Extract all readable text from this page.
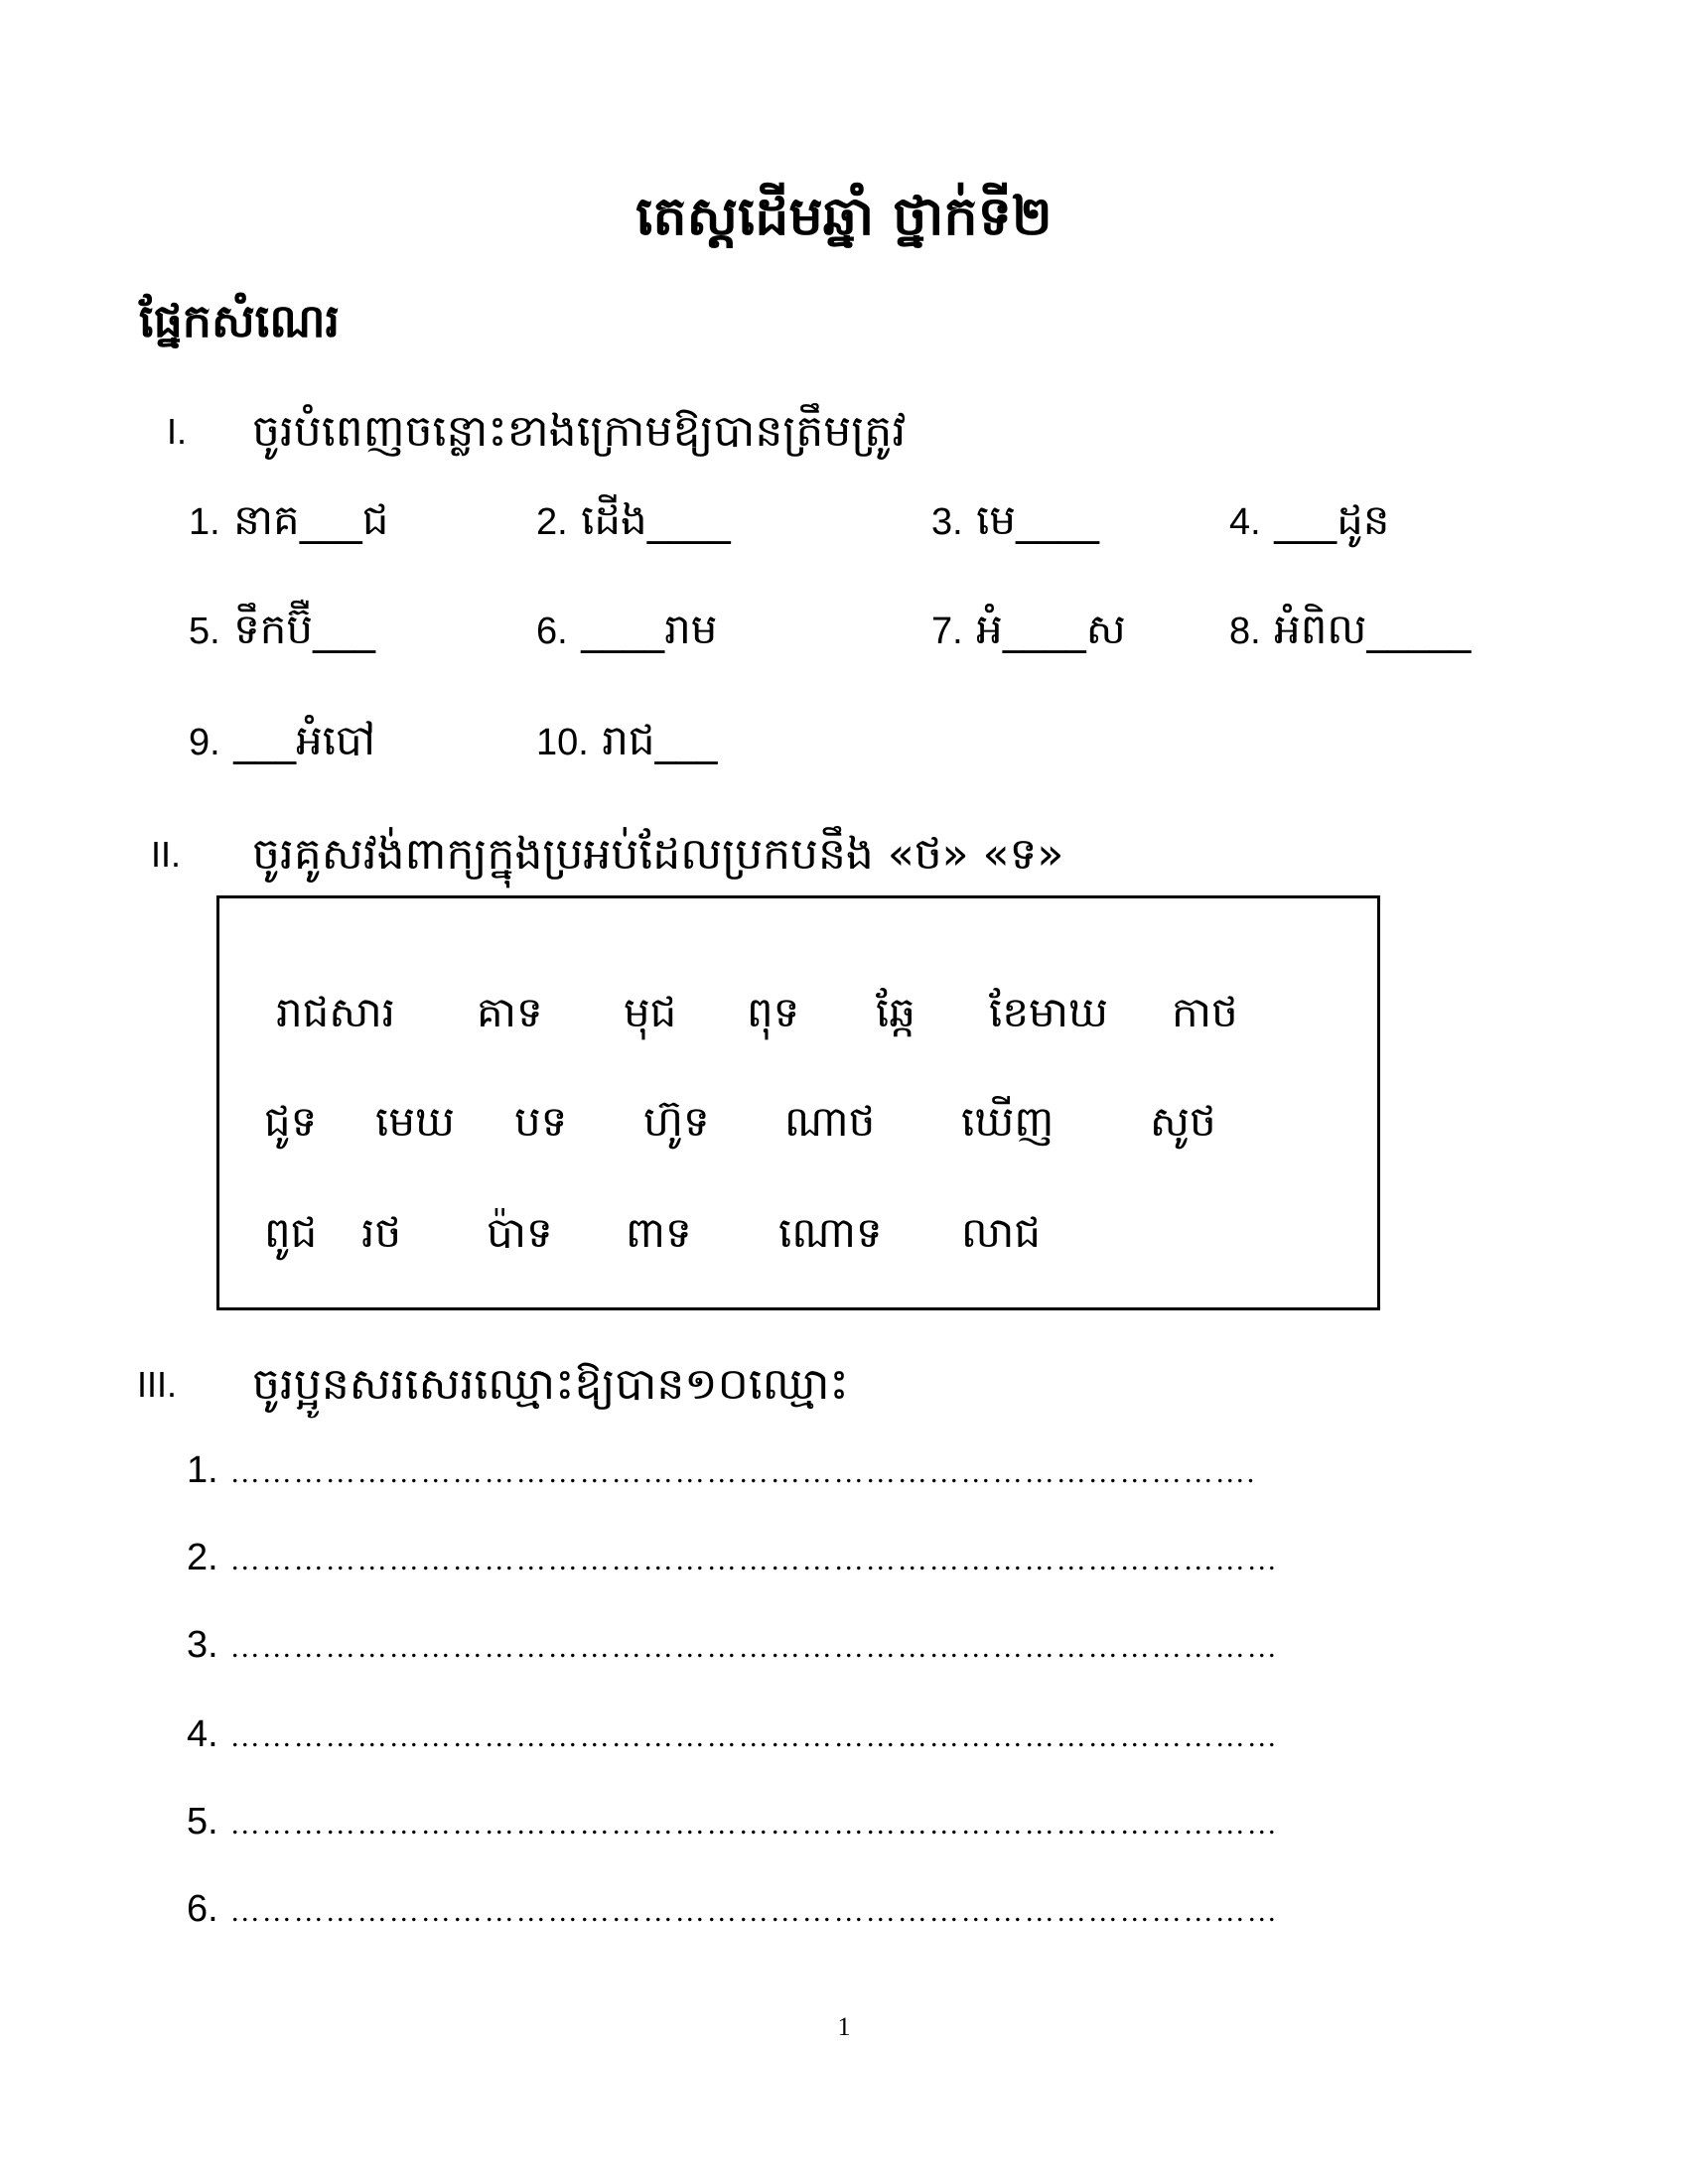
តេស្តដើមឆ្នាំ ថ្នាក់ទី២
ផ្នែកសំណេរ
I. ចូរបំពេញចន្លោះខាងក្រោមឱ្យបានត្រឹមត្រូវ
1. នាគ___ជ	2. ដើង____	3. មេ____	4. ___ដូន
5. ទឹកប៊ឺ___	6. ____រាម	7. អំ____ស	8. អំពិល_____
9. ___អំបៅ	10. រាជ___
II. ចូរគូសវង់ពាក្យក្នុងប្រអប់ដែលប្រកបនឹង «ថ» «ទ»
រាជសារ គាទ មុជ ពុទ ឆ្កែ ខែមាឃ កាថ
ជូទ មេឃ បទ ហ៊ូទ ណាថ ឃើញ សូថ
ពូជ រថ ប៉ាទ ពាទ ណោទ លាជ
III. ចូរប្អូនសរសេរឈ្មោះឱ្យបាន១០ឈ្មោះ
1. …………………………………………………………………………………….
2. ………………………………………………………………………………………
3. ………………………………………………………………………………………
4. ………………………………………………………………………………………
5. ………………………………………………………………………………………
6. ………………………………………………………………………………………
1
